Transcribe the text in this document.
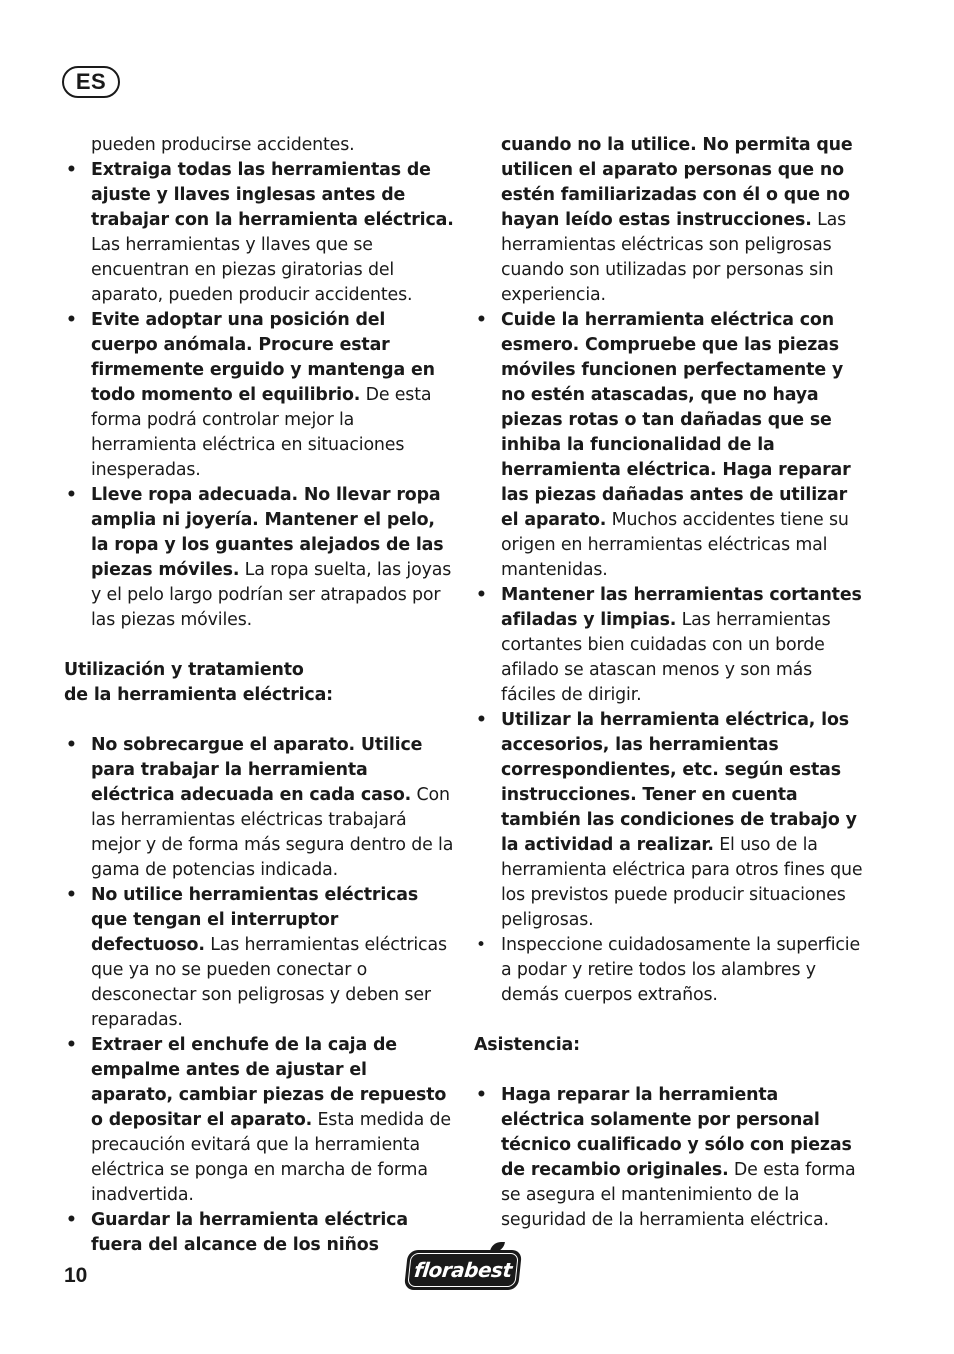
ES

pueden producirse accidentes.

• Extraiga todas las herramientas de ajuste y llaves inglesas antes de trabajar con la herramienta eléctrica. Las herramientas y llaves que se encuentran en piezas giratorias del aparato, pueden producir accidentes.

• Evite adoptar una posición del cuerpo anómala. Procure estar firmemente erguido y mantenga en todo momento el equilibrio. De esta forma podrá controlar mejor la herramienta eléctrica en situaciones inesperadas.

• Lleve ropa adecuada. No llevar ropa amplia ni joyería. Mantener el pelo, la ropa y los guantes alejados de las piezas móviles. La ropa suelta, las joyas y el pelo largo podrían ser atrapados por las piezas móviles.

Utilización y tratamiento
de la herramienta eléctrica:

• No sobrecargue el aparato. Utilice para trabajar la herramienta eléctrica adecuada en cada caso. Con las herramientas eléctricas trabajará mejor y de forma más segura dentro de la gama de potencias indicada.

• No utilice herramientas eléctricas que tengan el interruptor defectuoso. Las herramientas eléctricas que ya no se pueden conectar o desconectar son peligrosas y deben ser reparadas.

• Extraer el enchufe de la caja de empalme antes de ajustar el aparato, cambiar piezas de repuesto o depositar el aparato. Esta medida de precaución evitará que la herramienta eléctrica se ponga en marcha de forma inadvertida.

• Guardar la herramienta eléctrica fuera del alcance de los niños

cuando no la utilice. No permita que utilicen el aparato personas que no estén familiarizadas con él o que no hayan leído estas instrucciones. Las herramientas eléctricas son peligrosas cuando son utilizadas por personas sin experiencia.

• Cuide la herramienta eléctrica con esmero. Compruebe que las piezas móviles funcionen perfectamente y no estén atascadas, que no haya piezas rotas o tan dañadas que se inhiba la funcionalidad de la herramienta eléctrica. Haga reparar las piezas dañadas antes de utilizar el aparato. Muchos accidentes tiene su origen en herramientas eléctricas mal mantenidas.

• Mantener las herramientas cortantes afiladas y limpias. Las herramientas cortantes bien cuidadas con un borde afilado se atascan menos y son más fáciles de dirigir.

• Utilizar la herramienta eléctrica, los accesorios, las herramientas correspondientes, etc. según estas instrucciones. Tener en cuenta también las condiciones de trabajo y la actividad a realizar. El uso de la herramienta eléctrica para otros fines que los previstos puede producir situaciones peligrosas.

• Inspeccione cuidadosamente la superficie a podar y retire todos los alambres y demás cuerpos extraños.

Asistencia:

• Haga reparar la herramienta eléctrica solamente por personal técnico cualificado y sólo con piezas de recambio originales. De esta forma se asegura el mantenimiento de la seguridad de la herramienta eléctrica.

10	florabest
